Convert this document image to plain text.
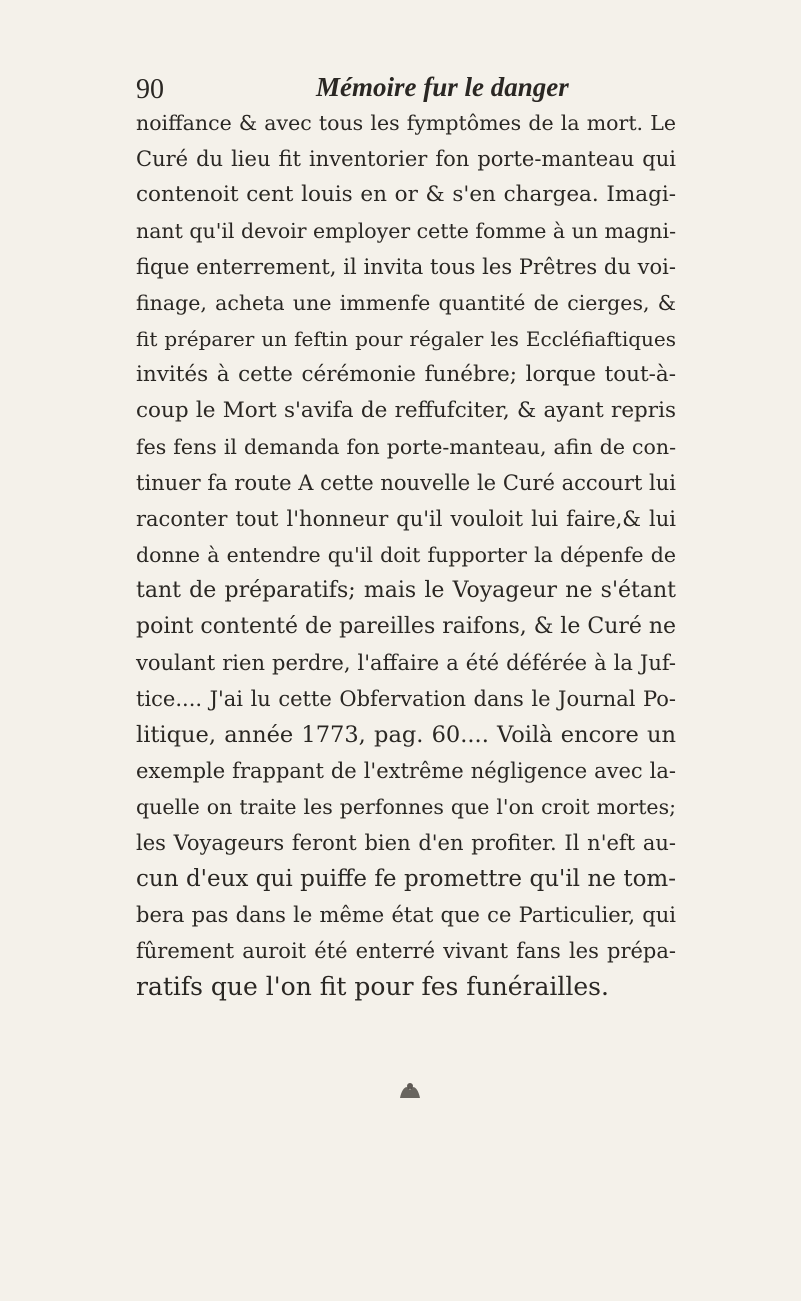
90	Mémoire fur le danger
noiffance & avec tous les fymptômes de la mort. Le
Curé du lieu fit inventorier fon porte-manteau qui
contenoit cent louis en or & s'en chargea. Imagi-
nant qu'il devoir employer cette fomme à un magni-
fique enterrement, il invita tous les Prêtres du voi-
finage, acheta une immenfe quantité de cierges, &
fit préparer un feftin pour régaler les Eccléfiaftiques
invités à cette cérémonie funébre; lorque tout-à-
coup le Mort s'avifa de reffufciter, & ayant repris
fes fens il demanda fon porte-manteau, afin de con-
tinuer fa route A cette nouvelle le Curé accourt lui
raconter tout l'honneur qu'il vouloit lui faire,& lui
donne à entendre qu'il doit fupporter la dépenfe de
tant de préparatifs; mais le Voyageur ne s'étant
point contenté de pareilles raifons, & le Curé ne
voulant rien perdre, l'affaire a été déférée à la Juf-
tice.... J'ai lu cette Obfervation dans le Journal Po-
litique, année 1773, pag. 60.... Voilà encore un
exemple frappant de l'extrême négligence avec la-
quelle on traite les perfonnes que l'on croit mortes;
les Voyageurs feront bien d'en profiter. Il n'eft au-
cun d'eux qui puiffe fe promettre qu'il ne tom-
bera pas dans le même état que ce Particulier, qui
fûrement auroit été enterré vivant fans les prépa-
ratifs que l'on fit pour fes funérailles.
